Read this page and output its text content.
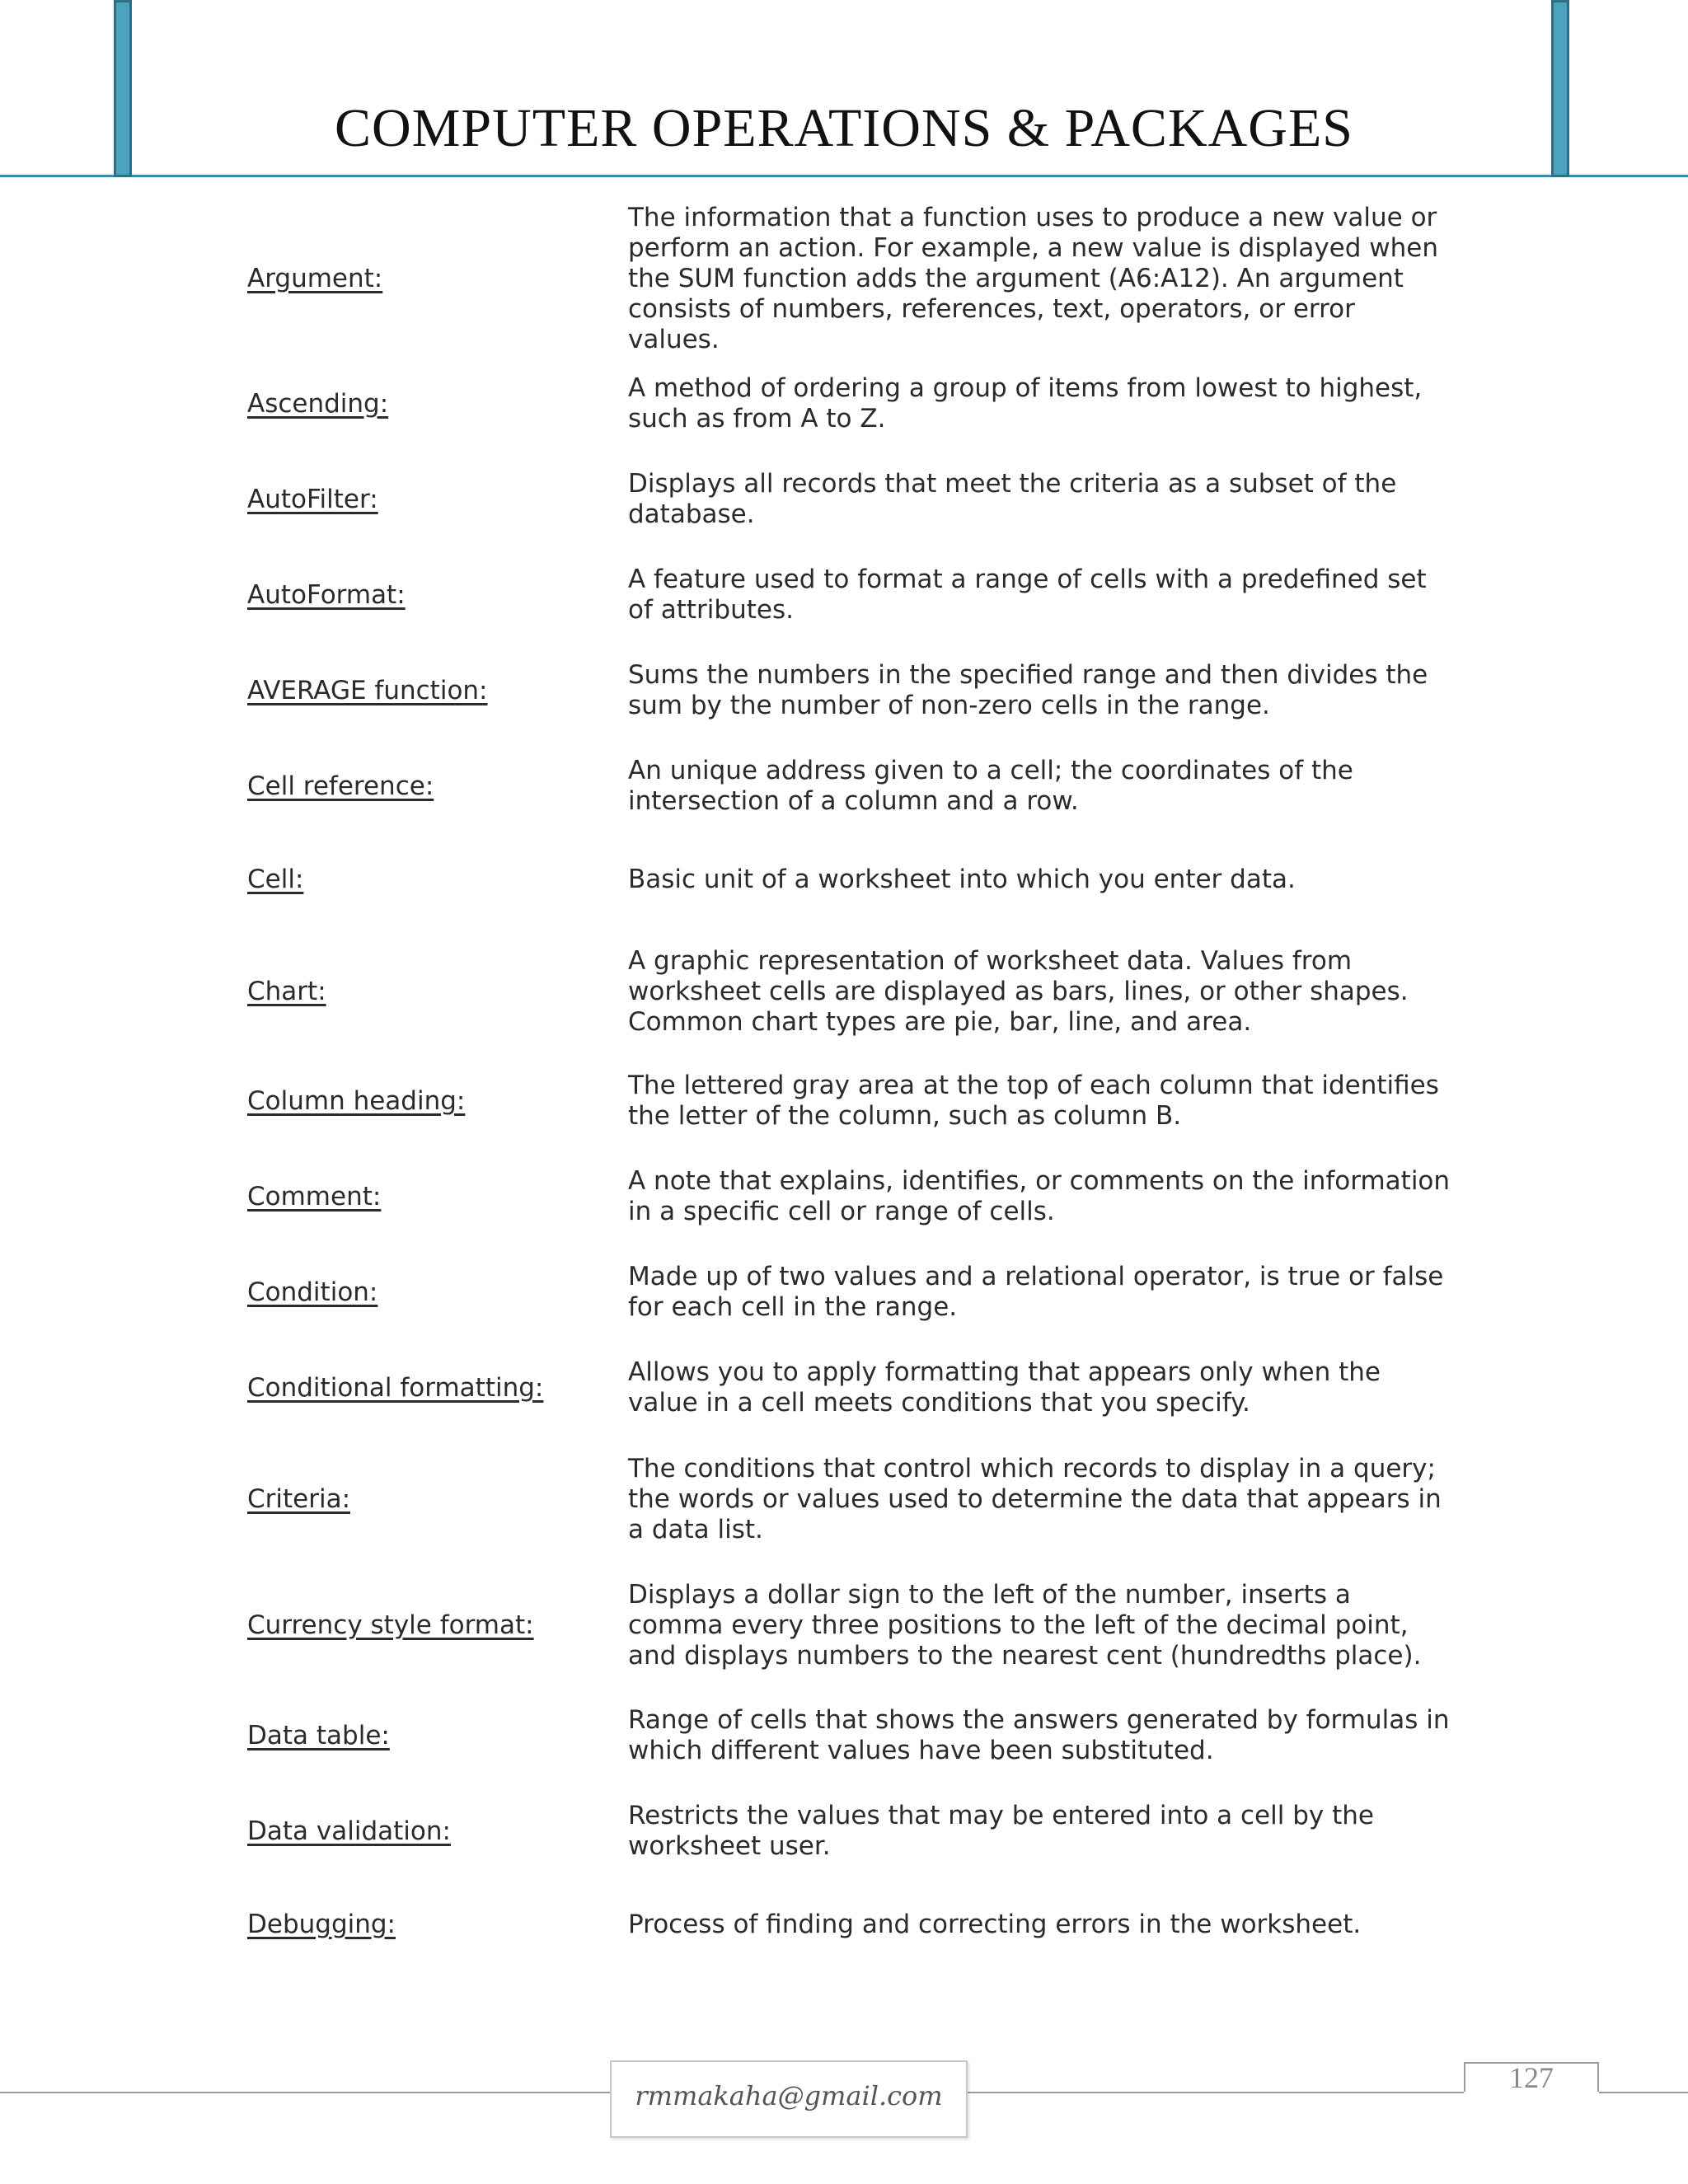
COMPUTER OPERATIONS & PACKAGES
Argument:
The information that a function uses to produce a new value or perform an action. For example, a new value is displayed when the SUM function adds the argument (A6:A12). An argument consists of numbers, references, text, operators, or error values.
Ascending:
A method of ordering a group of items from lowest to highest, such as from A to Z.
AutoFilter:
Displays all records that meet the criteria as a subset of the database.
AutoFormat:
A feature used to format a range of cells with a predefined set of attributes.
AVERAGE function:
Sums the numbers in the specified range and then divides the sum by the number of non-zero cells in the range.
Cell reference:
An unique address given to a cell; the coordinates of the intersection of a column and a row.
Cell:	Basic unit of a worksheet into which you enter data.
Chart:
A graphic representation of worksheet data. Values from worksheet cells are displayed as bars, lines, or other shapes. Common chart types are pie, bar, line, and area.
Column heading:
The lettered gray area at the top of each column that identifies the letter of the column, such as column B.
Comment:
A note that explains, identifies, or comments on the information in a specific cell or range of cells.
Condition:
Made up of two values and a relational operator, is true or false for each cell in the range.
Conditional formatting:
Allows you to apply formatting that appears only when the value in a cell meets conditions that you specify.
Criteria:
The conditions that control which records to display in a query; the words or values used to determine the data that appears in a data list.
Currency style format:
Displays a dollar sign to the left of the number, inserts a comma every three positions to the left of the decimal point, and displays numbers to the nearest cent (hundredths place).
Data table:
Range of cells that shows the answers generated by formulas in which different values have been substituted.
Data validation:
Restricts the values that may be entered into a cell by the worksheet user.
Debugging:	Process of finding and correcting errors in the worksheet.
rmmakaha@gmail.com
127
